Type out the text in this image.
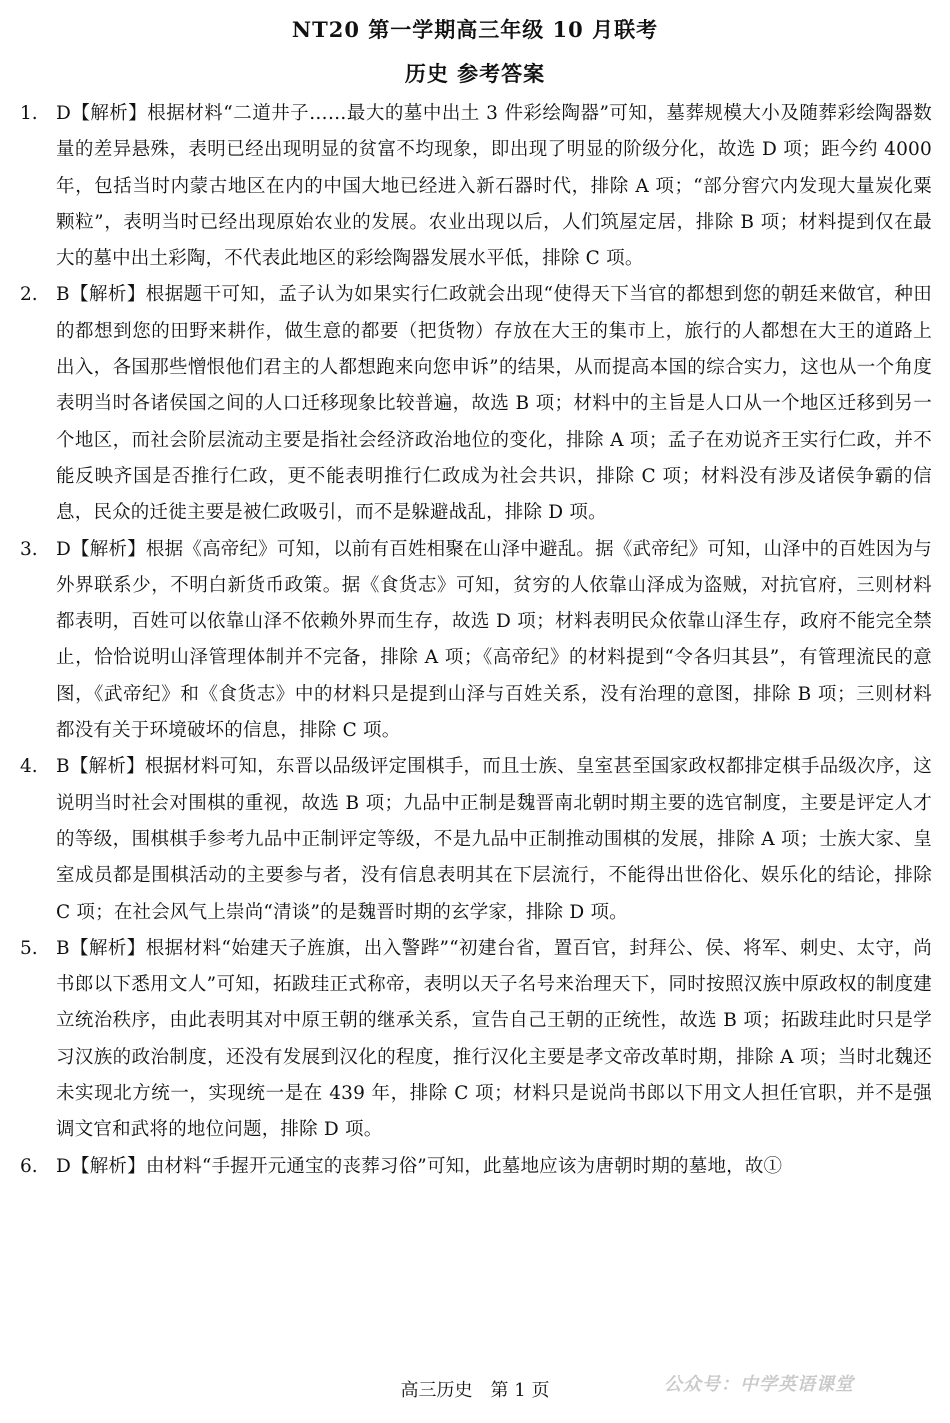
NT20 第一学期高三年级 10 月联考
历史 参考答案
1. D【解析】根据材料“二道井子……最大的墓中出土 3 件彩绘陶器”可知，墓葬规模大小及随葬彩绘陶器数量的差异悬殊，表明已经出现明显的贫富不均现象，即出现了明显的阶级分化，故选 D 项；距今约 4000 年，包括当时内蒙古地区在内的中国大地已经进入新石器时代，排除 A 项；“部分窖穴内发现大量炭化粟颗粒”，表明当时已经出现原始农业的发展。农业出现以后，人们筑屋定居，排除 B 项；材料提到仅在最大的墓中出土彩陶，不代表此地区的彩绘陶器发展水平低，排除 C 项。

2. B【解析】根据题干可知，孟子认为如果实行仁政就会出现“使得天下当官的都想到您的朝廷来做官，种田的都想到您的田野来耕作，做生意的都要（把货物）存放在大王的集市上，旅行的人都想在大王的道路上出入，各国那些憎恨他们君主的人都想跑来向您申诉”的结果，从而提高本国的综合实力，这也从一个角度表明当时各诸侯国之间的人口迁移现象比较普遍，故选 B 项；材料中的主旨是人口从一个地区迁移到另一个地区，而社会阶层流动主要是指社会经济政治地位的变化，排除 A 项；孟子在劝说齐王实行仁政，并不能反映齐国是否推行仁政，更不能表明推行仁政成为社会共识，排除 C 项；材料没有涉及诸侯争霸的信息，民众的迁徙主要是被仁政吸引，而不是躲避战乱，排除 D 项。

3. D【解析】根据《高帝纪》可知，以前有百姓相聚在山泽中避乱。据《武帝纪》可知，山泽中的百姓因为与外界联系少，不明白新货币政策。据《食货志》可知，贫穷的人依靠山泽成为盗贼，对抗官府，三则材料都表明，百姓可以依靠山泽不依赖外界而生存，故选 D 项；材料表明民众依靠山泽生存，政府不能完全禁止，恰恰说明山泽管理体制并不完备，排除 A 项；《高帝纪》的材料提到“令各归其县”，有管理流民的意图，《武帝纪》和《食货志》中的材料只是提到山泽与百姓关系，没有治理的意图，排除 B 项；三则材料都没有关于环境破坏的信息，排除 C 项。

4. B【解析】根据材料可知，东晋以品级评定围棋手，而且士族、皇室甚至国家政权都排定棋手品级次序，这说明当时社会对围棋的重视，故选 B 项；九品中正制是魏晋南北朝时期主要的选官制度，主要是评定人才的等级，围棋棋手参考九品中正制评定等级，不是九品中正制推动围棋的发展，排除 A 项；士族大家、皇室成员都是围棋活动的主要参与者，没有信息表明其在下层流行，不能得出世俗化、娱乐化的结论，排除 C 项；在社会风气上崇尚“清谈”的是魏晋时期的玄学家，排除 D 项。

5. B【解析】根据材料“始建天子旌旗，出入警跸”“初建台省，置百官，封拜公、侯、将军、刺史、太守，尚书郎以下悉用文人”可知，拓跋珪正式称帝，表明以天子名号来治理天下，同时按照汉族中原政权的制度建立统治秩序，由此表明其对中原王朝的继承关系，宣告自己王朝的正统性，故选 B 项；拓跋珪此时只是学习汉族的政治制度，还没有发展到汉化的程度，推行汉化主要是孝文帝改革时期，排除 A 项；当时北魏还未实现北方统一，实现统一是在 439 年，排除 C 项；材料只是说尚书郎以下用文人担任官职，并不是强调文官和武将的地位问题，排除 D 项。

6. D【解析】由材料“手握开元通宝的丧葬习俗”可知，此墓地应该为唐朝时期的墓地，故①

高三历史　第 1 页	公众号：中学英语课堂
